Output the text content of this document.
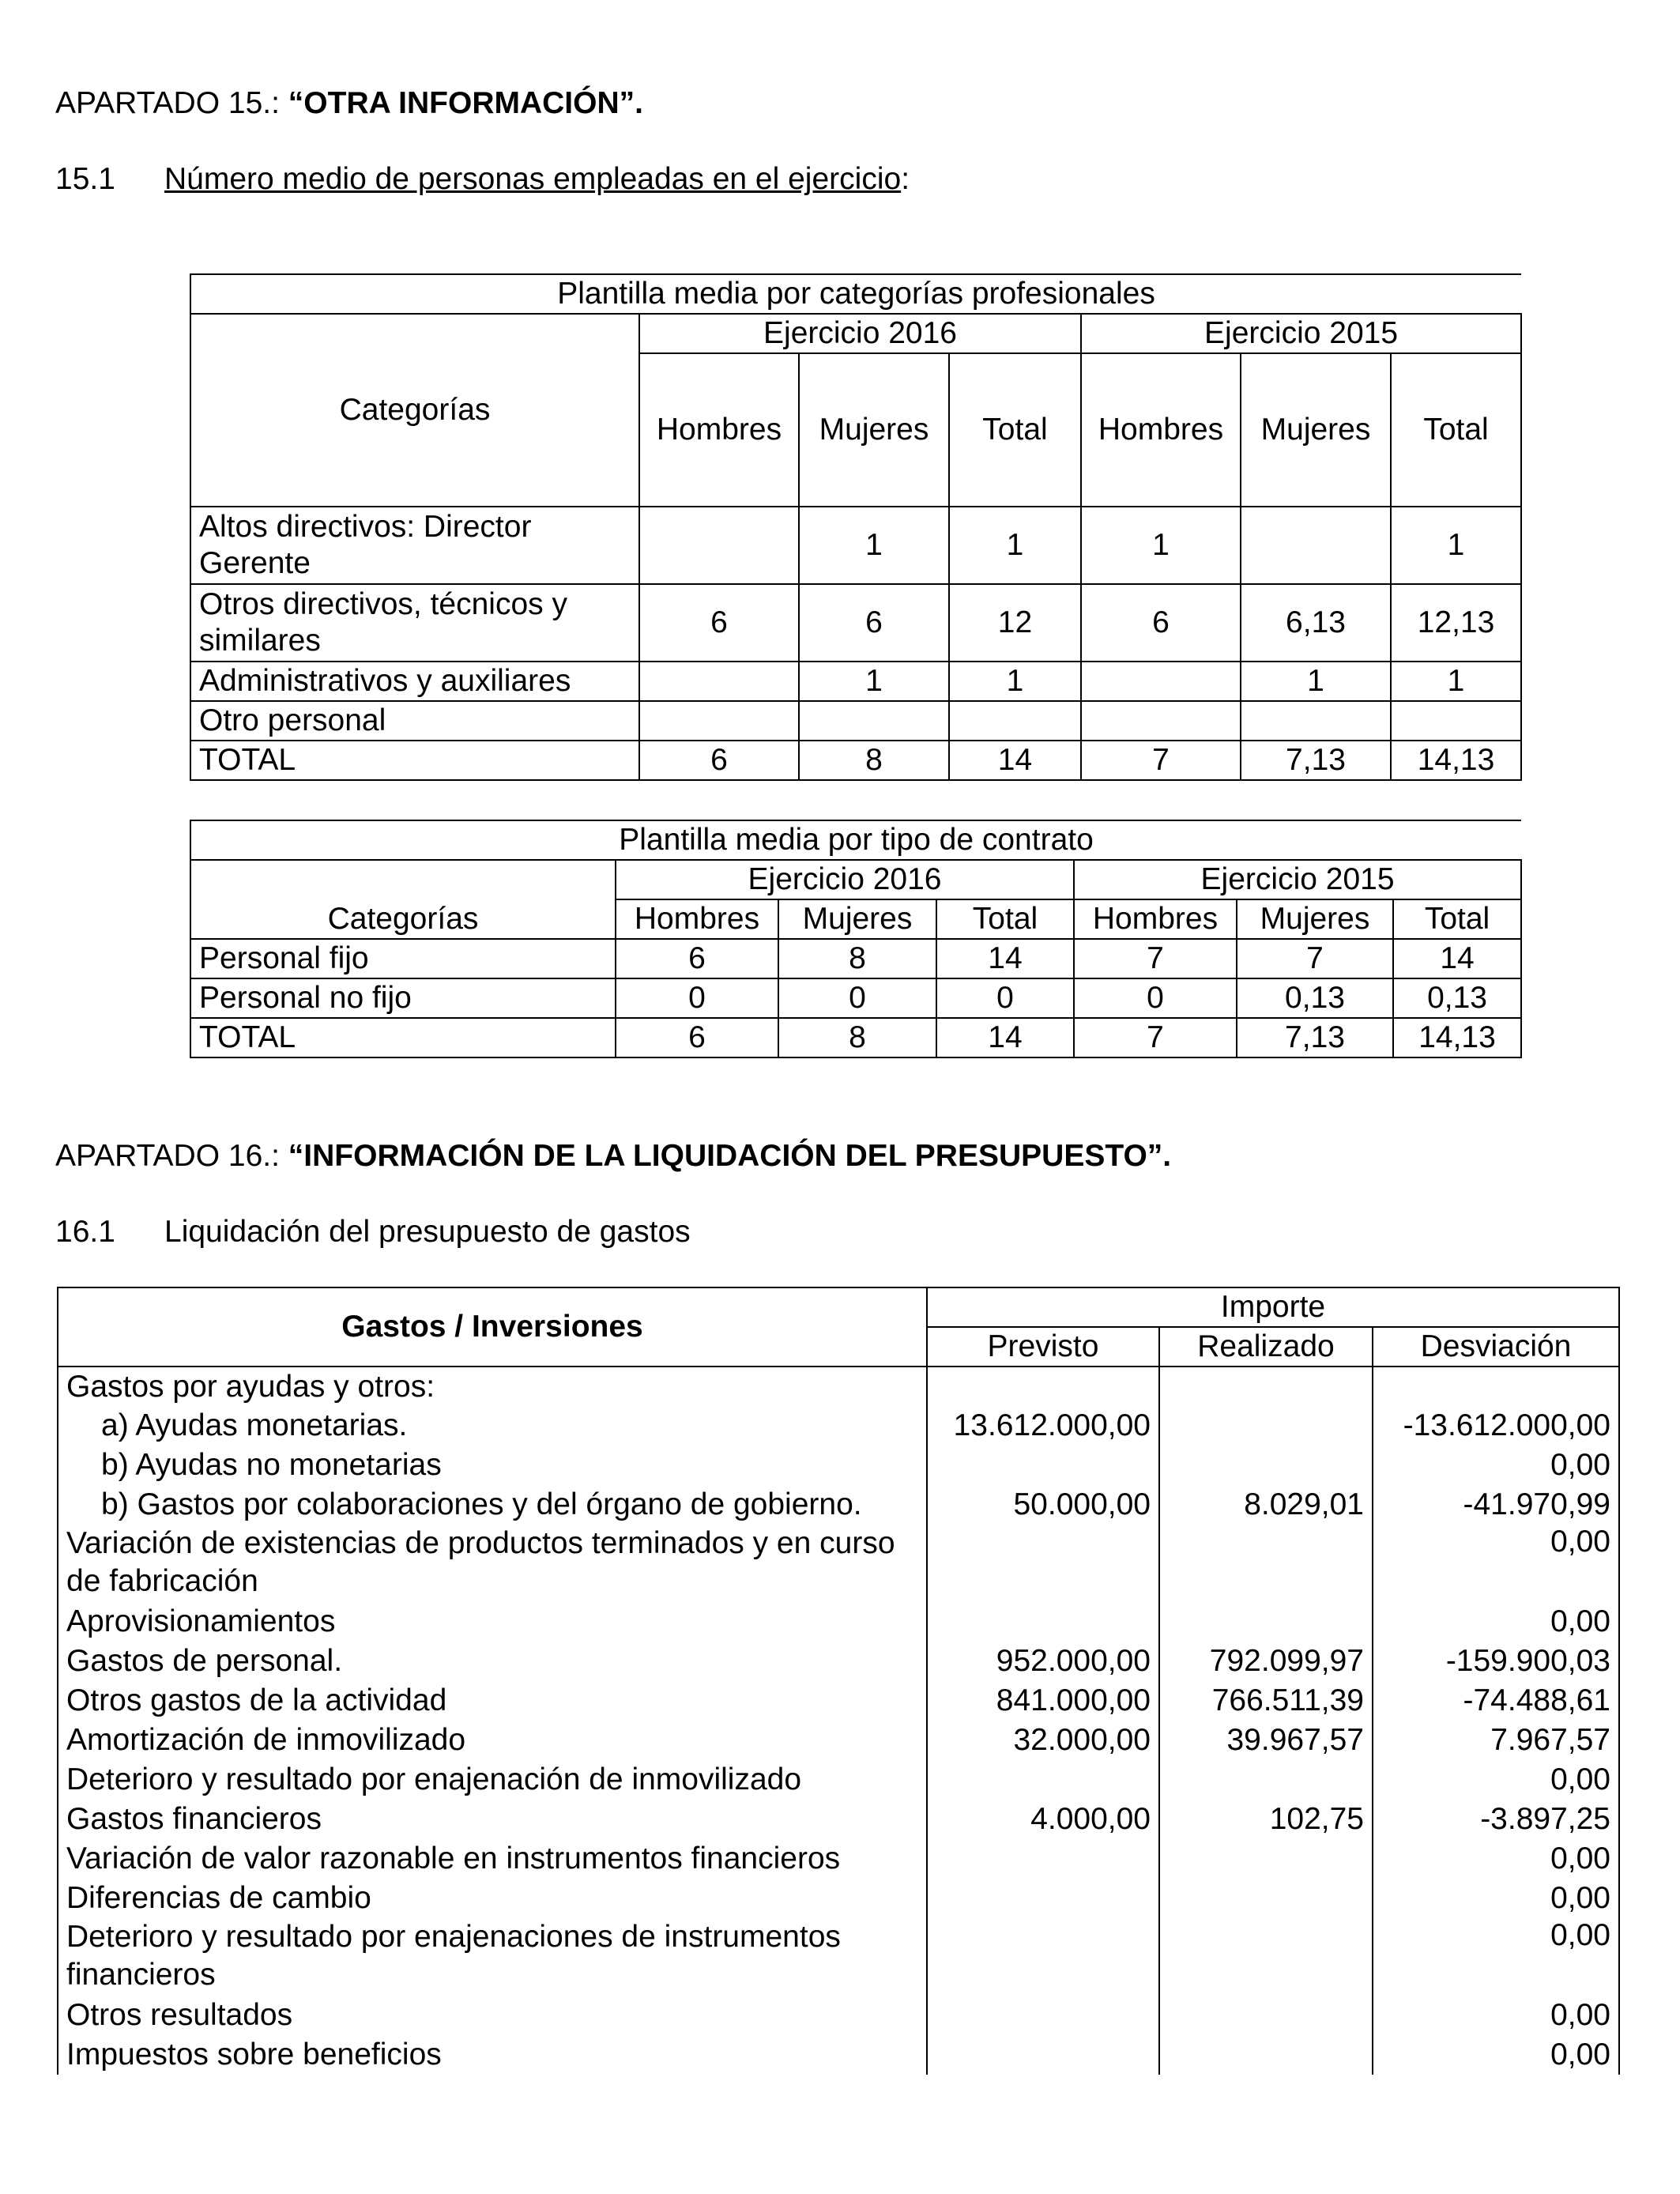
APARTADO 15.: “OTRA INFORMACIÓN”.
15.1 Número medio de personas empleadas en el ejercicio:
Plantilla media por categorías profesionales						
Categorías	Ejercicio 2016			Ejercicio 2015		
	Hombres	Mujeres	Total	Hombres	Mujeres	Total
Altos directivos: Director Gerente		1	1	1		1
Otros directivos, técnicos y similares	6	6	12	6	6,13	12,13
Administrativos y auxiliares		1	1		1	1
Otro personal						
TOTAL	6	8	14	7	7,13	14,13
Plantilla media por tipo de contrato						
	Ejercicio 2016			Ejercicio 2015		
Categorías	Hombres	Mujeres	Total	Hombres	Mujeres	Total
Personal fijo	6	8	14	7	7	14
Personal no fijo	0	0	0	0	0,13	0,13
TOTAL	6	8	14	7	7,13	14,13
APARTADO 16.: “INFORMACIÓN DE LA LIQUIDACIÓN DEL PRESUPUESTO”.
16.1 Liquidación del presupuesto de gastos
Gastos / Inversiones	Importe		
	Previsto	Realizado	Desviación
Gastos por ayudas y otros:			
a) Ayudas monetarias.	13.612.000,00		-13.612.000,00
b) Ayudas no monetarias			0,00
b) Gastos por colaboraciones y del órgano de gobierno.	50.000,00	8.029,01	-41.970,99
Variación de existencias de productos terminados y en curso de fabricación			0,00
Aprovisionamientos			0,00
Gastos de personal.	952.000,00	792.099,97	-159.900,03
Otros gastos de la actividad	841.000,00	766.511,39	-74.488,61
Amortización de inmovilizado	32.000,00	39.967,57	7.967,57
Deterioro y resultado por enajenación de inmovilizado			0,00
Gastos financieros	4.000,00	102,75	-3.897,25
Variación de valor razonable en instrumentos financieros			0,00
Diferencias de cambio			0,00
Deterioro y resultado por enajenaciones de instrumentos financieros			0,00
Otros resultados			0,00
Impuestos sobre beneficios			0,00
